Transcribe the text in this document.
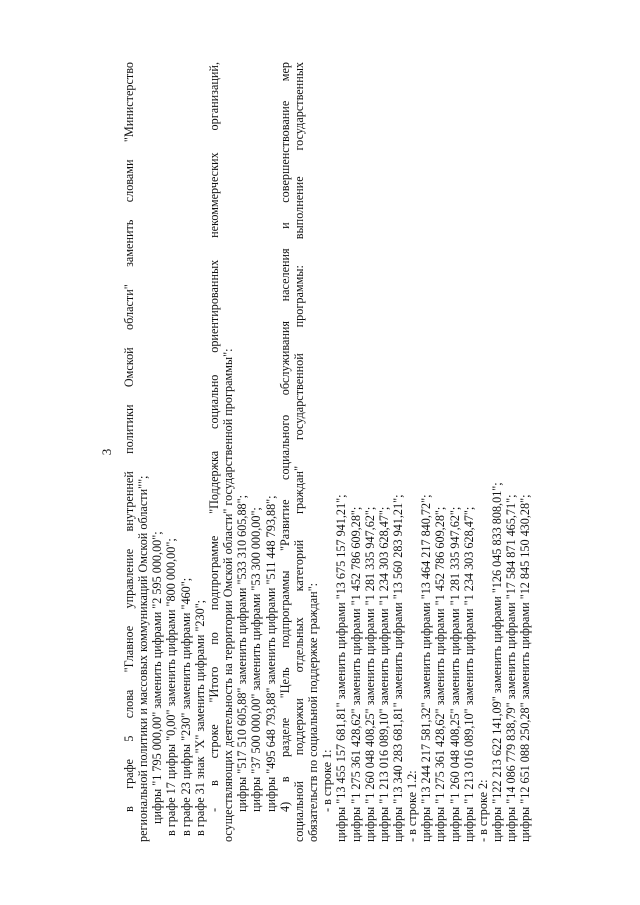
3 в графе 5 слова "Главное управление внутренней политики Омской области" заменить словами "Министерство региональной политики и массовых коммуникаций Омской области""; цифры "1 795 000,00" заменить цифрами "2 595 000,00"; в графе 17 цифры "0,00" заменить цифрами "800 000,00"; в графе 23 цифры "230" заменить цифрами "460"; в графе 31 знак "Х" заменить цифрами "230"; - в строке "Итого по подпрограмме "Поддержка социально ориентированных некоммерческих организаций, осуществляющих деятельность на территории Омской области" государственной программы": цифры "517 510 605,88" заменить цифрами "533 310 605,88"; цифры "37 500 000,00" заменить цифрами "53 300 000,00"; цифры "495 648 793,88" заменить цифрами "511 448 793,88"; 4) в разделе "Цель подпрограммы "Развитие социального обслуживания населения и совершенствование мер социальной поддержки отдельных категорий граждан" государственной программы: выполнение государственных обязательств по социальной поддержке граждан": - в строке 1: цифры "13 455 157 681,81" заменить цифрами "13 675 157 941,21"; цифры "1 275 361 428,62" заменить цифрами "1 452 786 609,28"; цифры "1 260 048 408,25" заменить цифрами "1 281 335 947,62"; цифры "1 213 016 089,10" заменить цифрами "1 234 303 628,47"; цифры "13 340 283 681,81" заменить цифрами "13 560 283 941,21"; - в строке 1.2: цифры "13 244 217 581,32" заменить цифрами "13 464 217 840,72"; цифры "1 275 361 428,62" заменить цифрами "1 452 786 609,28"; цифры "1 260 048 408,25" заменить цифрами "1 281 335 947,62"; цифры "1 213 016 089,10" заменить цифрами "1 234 303 628,47"; - в строке 2: цифры "122 213 622 141,09" заменить цифрами "126 045 833 808,01"; цифры "14 086 779 838,79" заменить цифрами "17 584 871 465,71"; цифры "12 651 088 250,28" заменить цифрами "12 845 150 430,28";
